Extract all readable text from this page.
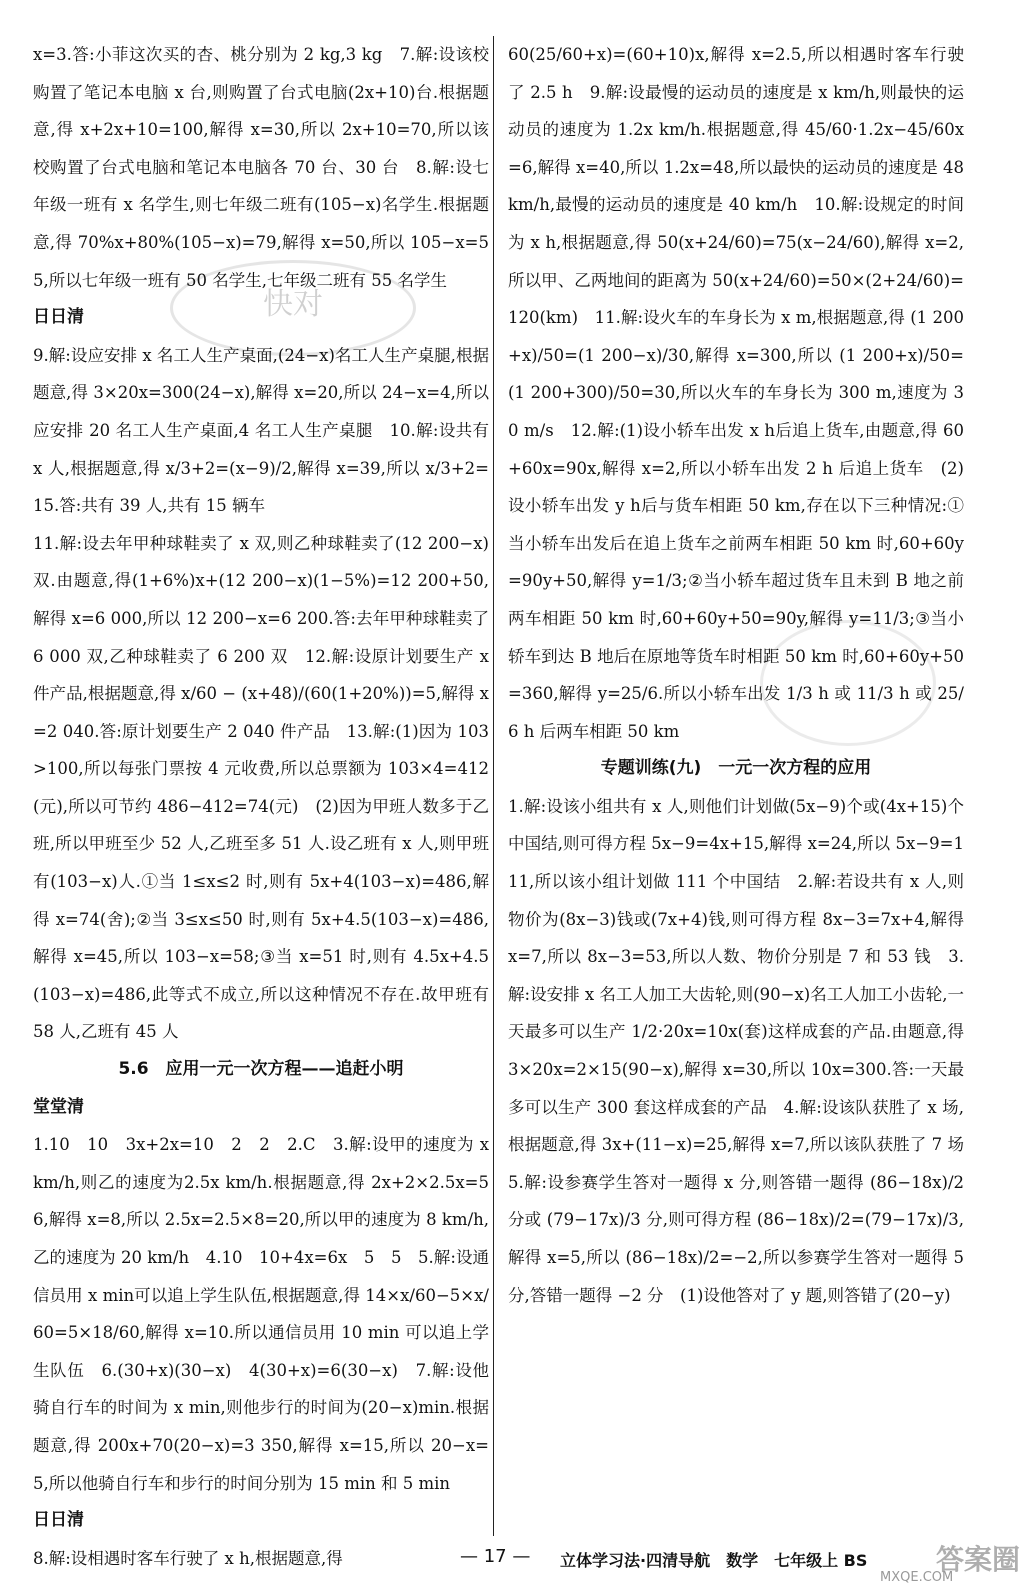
快对

x=3.答:小菲这次买的杏、桃分别为 2 kg,3 kg　7.解:设该校购置了笔记本电脑 x 台,则购置了台式电脑(2x+10)台.根据题意,得 x+2x+10=100,解得 x=30,所以 2x+10=70,所以该校购置了台式电脑和笔记本电脑各 70 台、30 台　8.解:设七年级一班有 x 名学生,则七年级二班有(105−x)名学生.根据题意,得 70%x+80%(105−x)=79,解得 x=50,所以 105−x=55,所以七年级一班有 50 名学生,七年级二班有 55 名学生

日日清

9.解:设应安排 x 名工人生产桌面,(24−x)名工人生产桌腿,根据题意,得 3×20x=300(24−x),解得 x=20,所以 24−x=4,所以应安排 20 名工人生产桌面,4 名工人生产桌腿　10.解:设共有 x 人,根据题意,得 x/3+2=(x−9)/2,解得 x=39,所以 x/3+2=15.答:共有 39 人,共有 15 辆车

11.解:设去年甲种球鞋卖了 x 双,则乙种球鞋卖了(12 200−x)双.由题意,得(1+6%)x+(12 200−x)(1−5%)=12 200+50,解得 x=6 000,所以 12 200−x=6 200.答:去年甲种球鞋卖了 6 000 双,乙种球鞋卖了 6 200 双　12.解:设原计划要生产 x 件产品,根据题意,得 x/60 − (x+48)/(60(1+20%))=5,解得 x=2 040.答:原计划要生产 2 040 件产品　13.解:(1)因为 103>100,所以每张门票按 4 元收费,所以总票额为 103×4=412(元),所以可节约 486−412=74(元)　(2)因为甲班人数多于乙班,所以甲班至少 52 人,乙班至多 51 人.设乙班有 x 人,则甲班有(103−x)人.①当 1≤x≤2 时,则有 5x+4(103−x)=486,解得 x=74(舍);②当 3≤x≤50 时,则有 5x+4.5(103−x)=486,解得 x=45,所以 103−x=58;③当 x=51 时,则有 4.5x+4.5(103−x)=486,此等式不成立,所以这种情况不存在.故甲班有 58 人,乙班有 45 人

5.6　应用一元一次方程——追赶小明

堂堂清

1.10　10　3x+2x=10　2　2　2.C　3.解:设甲的速度为 x km/h,则乙的速度为2.5x km/h.根据题意,得 2x+2×2.5x=56,解得 x=8,所以 2.5x=2.5×8=20,所以甲的速度为 8 km/h,乙的速度为 20 km/h　4.10　10+4x=6x　5　5　5.解:设通信员用 x min可以追上学生队伍,根据题意,得 14×x/60−5×x/60=5×18/60,解得 x=10.所以通信员用 10 min 可以追上学生队伍　6.(30+x)(30−x)　4(30+x)=6(30−x)　7.解:设他骑自行车的时间为 x min,则他步行的时间为(20−x)min.根据题意,得 200x+70(20−x)=3 350,解得 x=15,所以 20−x=5,所以他骑自行车和步行的时间分别为 15 min 和 5 min

日日清

8.解:设相遇时客车行驶了 x h,根据题意,得

60(25/60+x)=(60+10)x,解得 x=2.5,所以相遇时客车行驶了 2.5 h　9.解:设最慢的运动员的速度是 x km/h,则最快的运动员的速度为 1.2x km/h.根据题意,得 45/60·1.2x−45/60x=6,解得 x=40,所以 1.2x=48,所以最快的运动员的速度是 48 km/h,最慢的运动员的速度是 40 km/h　10.解:设规定的时间为 x h,根据题意,得 50(x+24/60)=75(x−24/60),解得 x=2,所以甲、乙两地间的距离为 50(x+24/60)=50×(2+24/60)=120(km)　11.解:设火车的车身长为 x m,根据题意,得 (1 200+x)/50=(1 200−x)/30,解得 x=300,所以 (1 200+x)/50=(1 200+300)/50=30,所以火车的车身长为 300 m,速度为 30 m/s　12.解:(1)设小轿车出发 x h后追上货车,由题意,得 60+60x=90x,解得 x=2,所以小轿车出发 2 h 后追上货车　(2)设小轿车出发 y h后与货车相距 50 km,存在以下三种情况:①当小轿车出发后在追上货车之前两车相距 50 km 时,60+60y=90y+50,解得 y=1/3;②当小轿车超过货车且未到 B 地之前两车相距 50 km 时,60+60y+50=90y,解得 y=11/3;③当小轿车到达 B 地后在原地等货车时相距 50 km 时,60+60y+50=360,解得 y=25/6.所以小轿车出发 1/3 h 或 11/3 h 或 25/6 h 后两车相距 50 km

专题训练(九)　一元一次方程的应用

1.解:设该小组共有 x 人,则他们计划做(5x−9)个或(4x+15)个中国结,则可得方程 5x−9=4x+15,解得 x=24,所以 5x−9=111,所以该小组计划做 111 个中国结　2.解:若设共有 x 人,则物价为(8x−3)钱或(7x+4)钱,则可得方程 8x−3=7x+4,解得 x=7,所以 8x−3=53,所以人数、物价分别是 7 和 53 钱　3.解:设安排 x 名工人加工大齿轮,则(90−x)名工人加工小齿轮,一天最多可以生产 1/2·20x=10x(套)这样成套的产品.由题意,得 3×20x=2×15(90−x),解得 x=30,所以 10x=300.答:一天最多可以生产 300 套这样成套的产品　4.解:设该队获胜了 x 场,根据题意,得 3x+(11−x)=25,解得 x=7,所以该队获胜了 7 场　5.解:设参赛学生答对一题得 x 分,则答错一题得 (86−18x)/2 分或 (79−17x)/3 分,则可得方程 (86−18x)/2=(79−17x)/3,解得 x=5,所以 (86−18x)/2=−2,所以参赛学生答对一题得 5 分,答错一题得 −2 分　(1)设他答对了 y 题,则答错了(20−y)

— 17 — 立体学习法·四清导航　数学　七年级上 BS	答案圈
MXQE.COM
